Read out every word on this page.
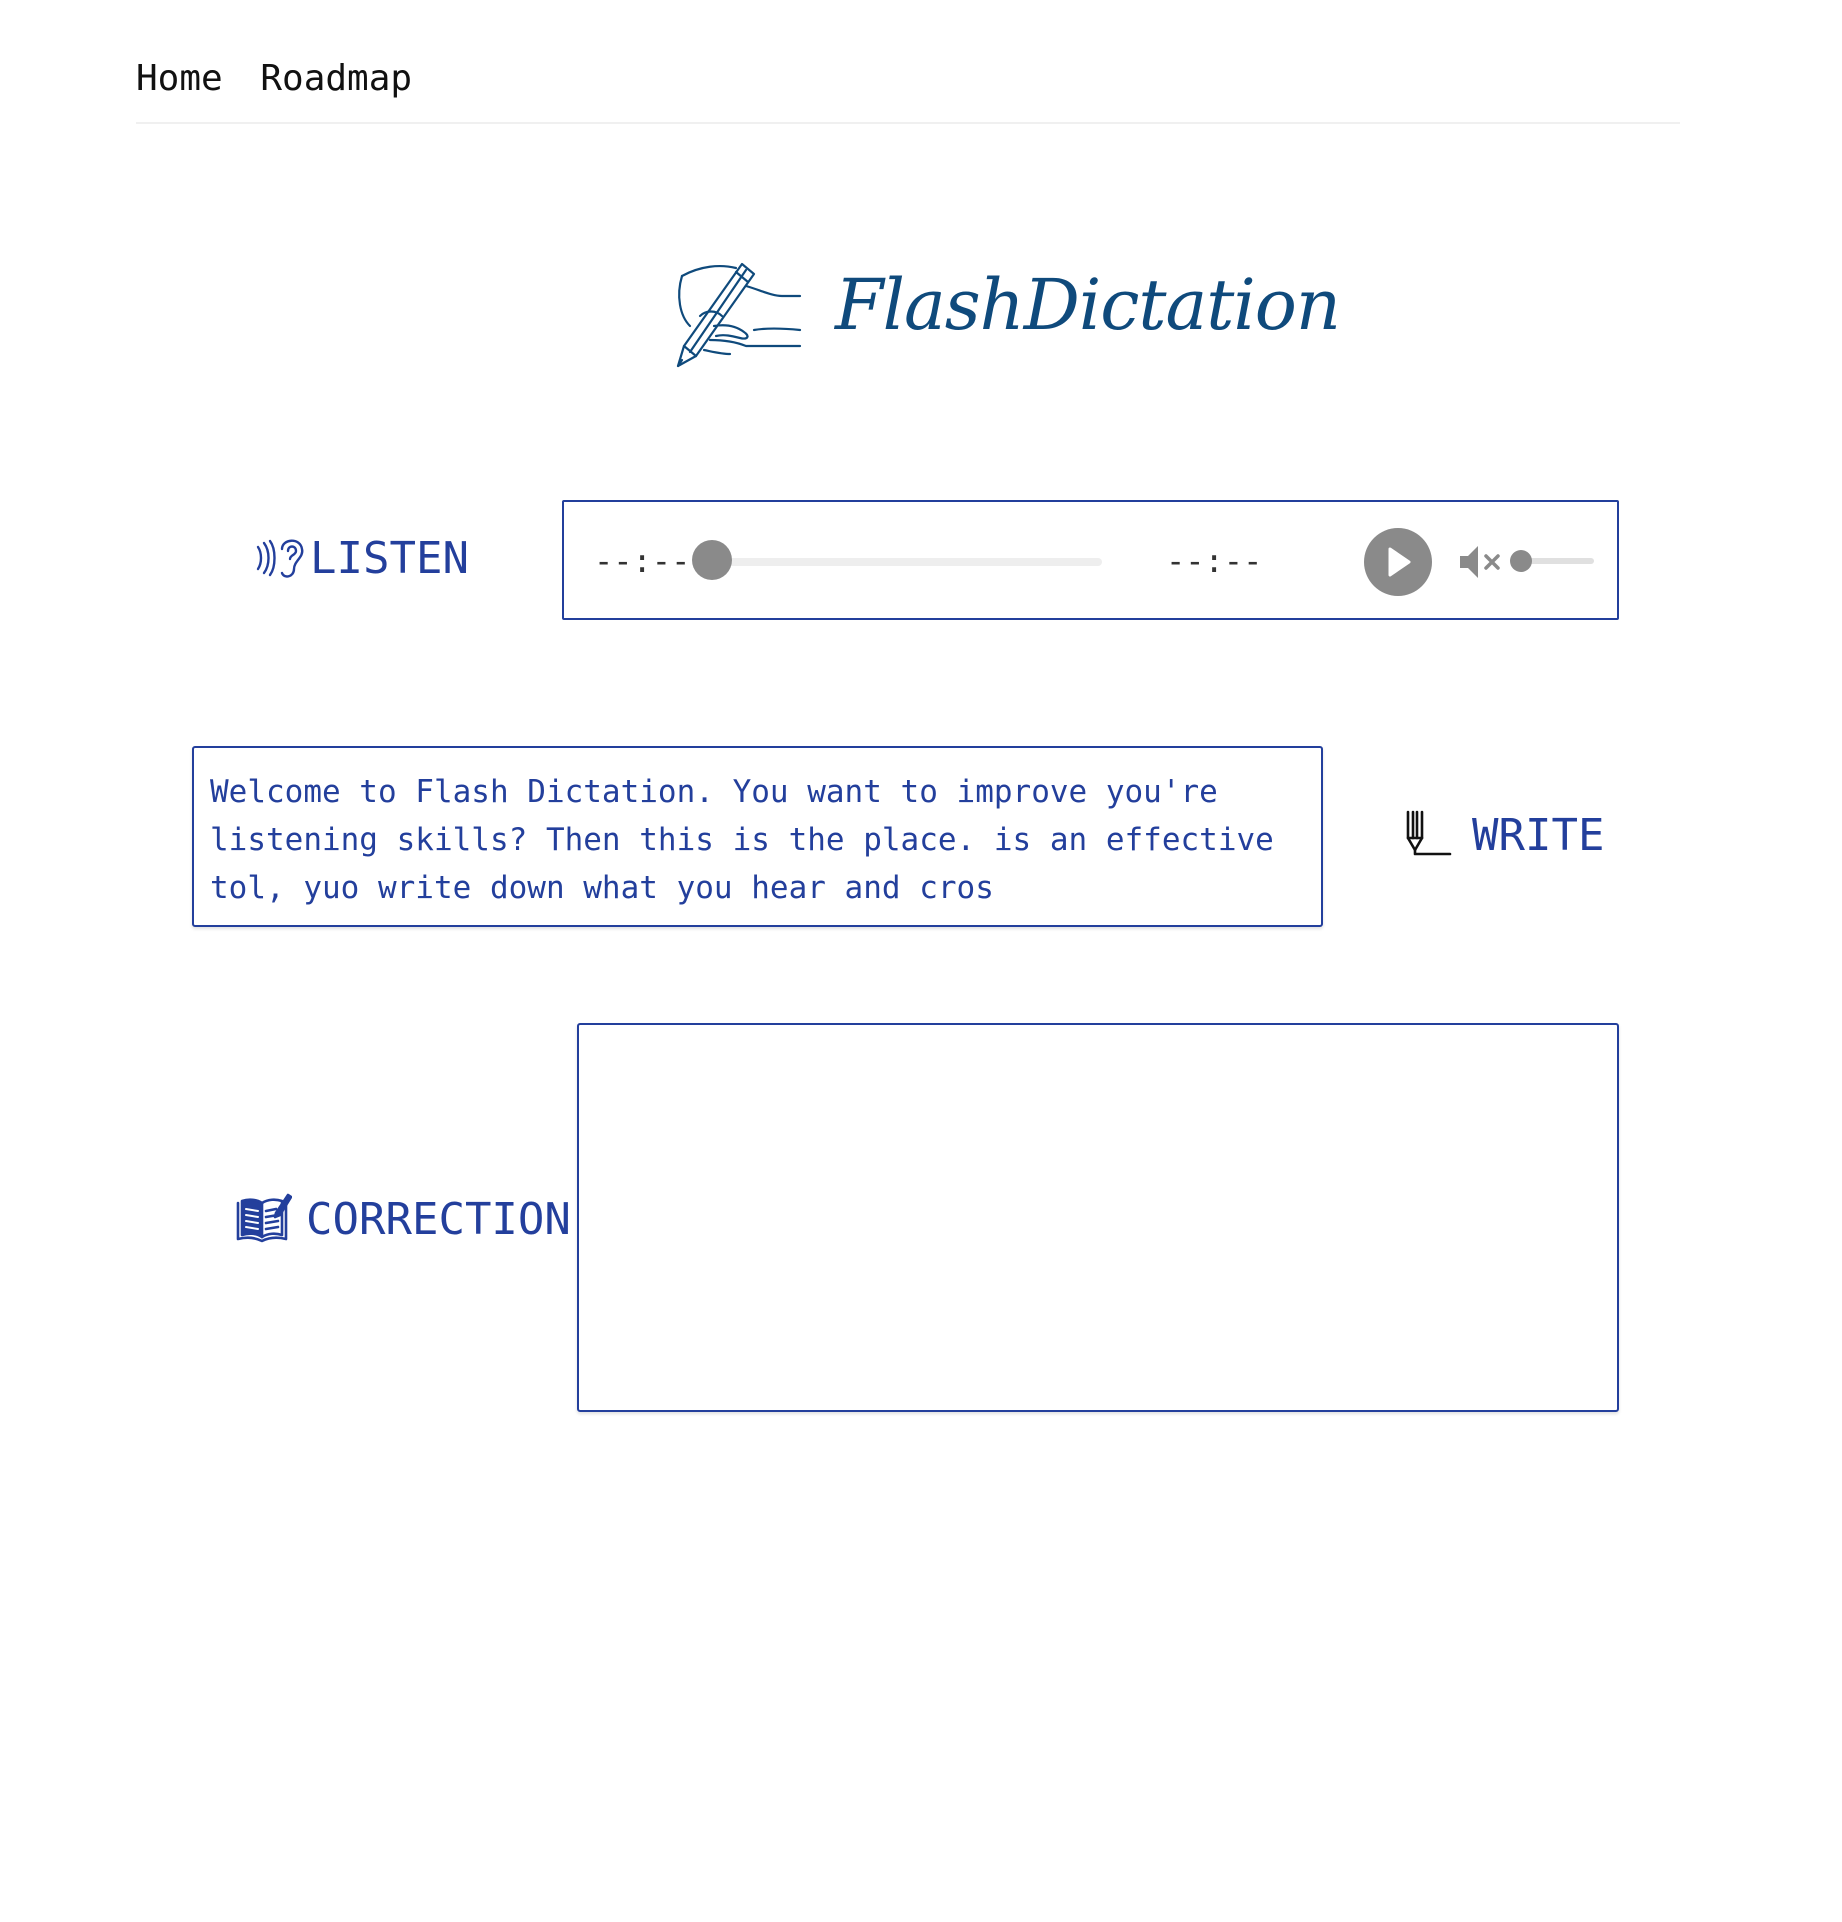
Home Roadmap
FlashDictation
LISTEN	--:--	--:--
Welcome to Flash Dictation. You want to improve you're listening skills? Then this is the place. is an effective tol, yuo write down what you hear and cros
WRITE
CORRECTION
